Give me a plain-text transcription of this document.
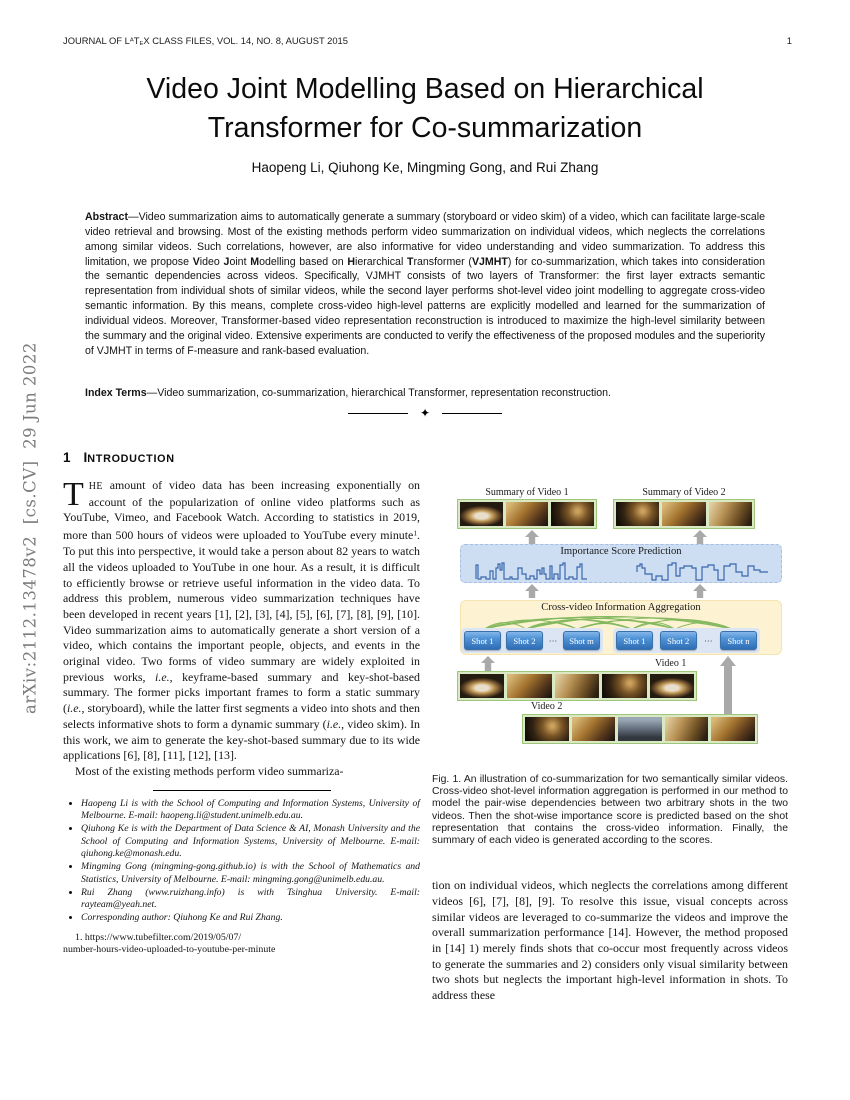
arXiv:2112.13478v2  [cs.CV]  29 Jun 2022
JOURNAL OF $L^ATEX$ CLASS FILES, VOL. 14, NO. 8, AUGUST 2015	1
Video Joint Modelling Based on Hierarchical
Transformer for Co-summarization
Haopeng Li, Qiuhong Ke, Mingming Gong, and Rui Zhang
Abstract—Video summarization aims to automatically generate a summary (storyboard or video skim) of a video, which can facilitate large-scale video retrieval and browsing. Most of the existing methods perform video summarization on individual videos, which neglects the correlations among similar videos. Such correlations, however, are also informative for video understanding and video summarization. To address this limitation, we propose Video Joint Modelling based on Hierarchical Transformer (VJMHT) for co-summarization, which takes into consideration the semantic dependencies across videos. Specifically, VJMHT consists of two layers of Transformer: the first layer extracts semantic representation from individual shots of similar videos, while the second layer performs shot-level video joint modelling to aggregate cross-video semantic information. By this means, complete cross-video high-level patterns are explicitly modelled and learned for the summarization of individual videos. Moreover, Transformer-based video representation reconstruction is introduced to maximize the high-level similarity between the summary and the original video. Extensive experiments are conducted to verify the effectiveness of the proposed modules and the superiority of VJMHT in terms of F-measure and rank-based evaluation.
Index Terms—Video summarization, co-summarization, hierarchical Transformer, representation reconstruction.
✦
1 INTRODUCTION

THE amount of video data has been increasing exponentially on account of the popularization of online video platforms such as YouTube, Vimeo, and Facebook Watch. According to statistics in 2019, more than 500 hours of videos were uploaded to YouTube every minute$^1$. To put this into perspective, it would take a person about 82 years to watch all the videos uploaded to YouTube in one hour. As a result, it is difficult to efficiently browse or retrieve useful information in the video data. To address this problem, numerous video summarization techniques have been developed in recent years [1], [2], [3], [4], [5], [6], [7], [8], [9], [10]. Video summarization aims to automatically generate a short version of a video, which contains the important people, objects, and events in the original video. Two forms of video summary are widely exploited in previous works, i.e., keyframe-based summary and key-shot-based summary. The former picks important frames to form a static summary (i.e., storyboard), while the latter first segments a video into shots and then selects informative shots to form a dynamic summary (i.e., video skim). In this work, we aim to generate the key-shot-based summary due to its wide applications [6], [8], [11], [12], [13].

Most of the existing methods perform video summariza-

• Haopeng Li is with the School of Computing and Information Systems, University of Melbourne. E-mail: haopeng.li@student.unimelb.edu.au.
• Qiuhong Ke is with the Department of Data Science & AI, Monash University and the School of Computing and Information Systems, University of Melbourne. E-mail: qiuhong.ke@monash.edu.
• Mingming Gong (mingming-gong.github.io) is with the School of Mathematics and Statistics, University of Melbourne. E-mail: mingming.gong@unimelb.edu.au.
• Rui Zhang (www.ruizhang.info) is with Tsinghua University. E-mail: rayteam@yeah.net.
• Corresponding author: Qiuhong Ke and Rui Zhang.
1. https://www.tubefilter.com/2019/05/07/
number-hours-video-uploaded-to-youtube-per-minute
Summary of Video 1	Summary of Video 2
Importance Score Prediction
Cross-video Information Aggregation
Shot 1	Shot 2	···	Shot m	Shot 1	Shot 2	···	Shot n
Video 1
Video 2
Fig. 1. An illustration of co-summarization for two semantically similar videos. Cross-video shot-level information aggregation is performed in our method to model the pair-wise dependencies between two arbitrary shots in the two videos. Then the shot-wise importance score is predicted based on the shot representation that contains the cross-video information. Finally, the summary of each video is generated according to the scores.

tion on individual videos, which neglects the correlations among different videos [6], [7], [8], [9]. To resolve this issue, visual concepts across similar videos are leveraged to co-summarize the videos and improve the overall summarization performance [14]. However, the method proposed in [14] 1) merely finds shots that co-occur most frequently across videos to generate the summaries and 2) considers only visual similarity between two shots but neglects the important high-level information in shots. To address these
